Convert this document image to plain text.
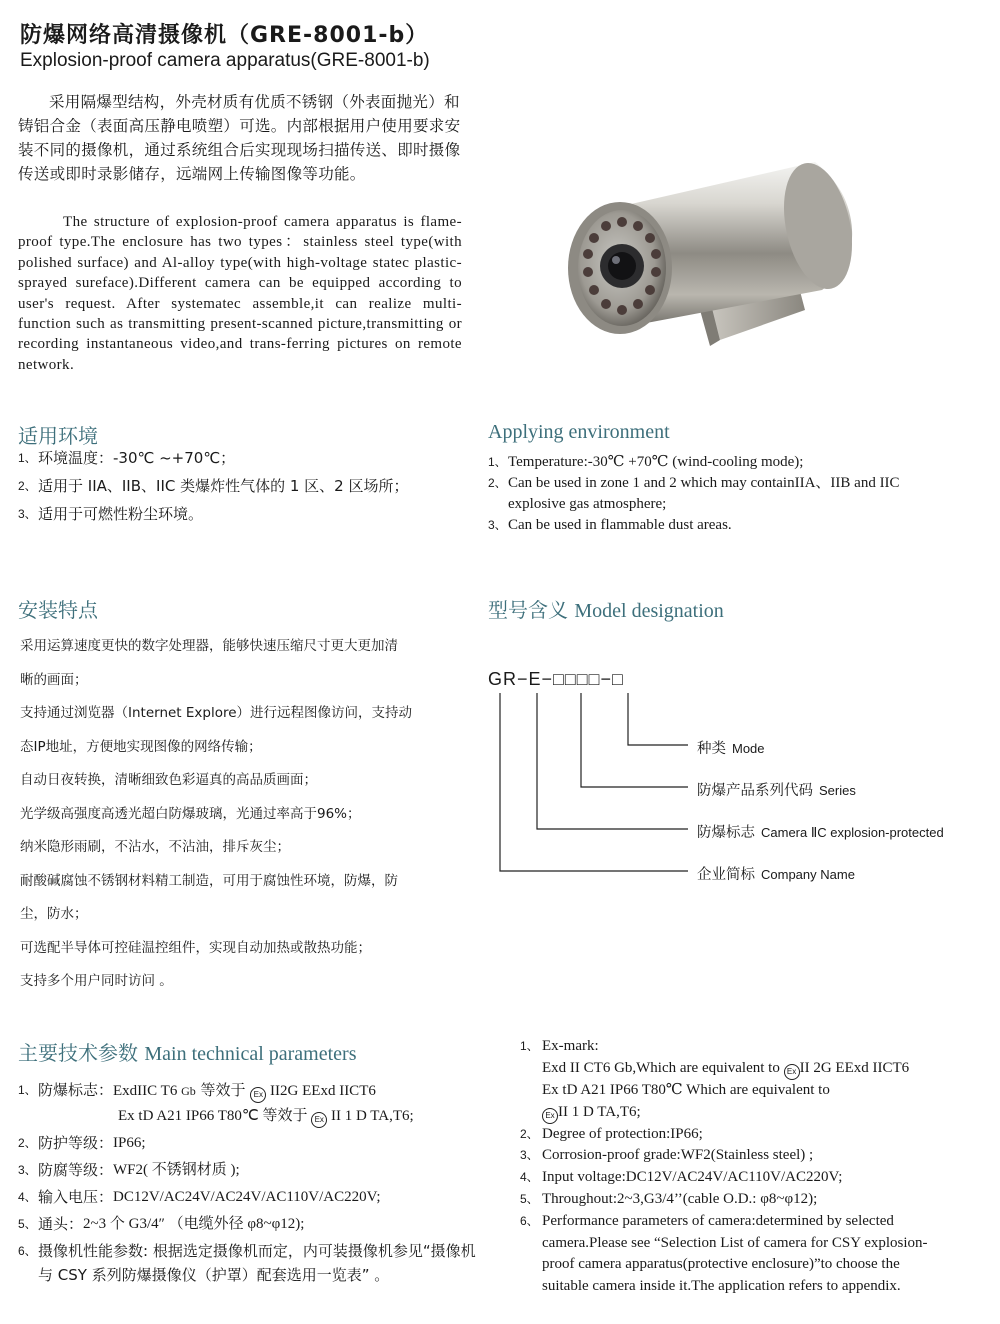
防爆网络高清摄像机（GRE-8001-b）
Explosion-proof camera apparatus(GRE-8001-b)

采用隔爆型结构，外壳材质有优质不锈钢（外表面抛光）和铸铝合金（表面高压静电喷塑）可选。内部根据用户使用要求安装不同的摄像机，通过系统组合后实现现场扫描传送、即时摄像传送或即时录影储存，远端网上传输图像等功能。

The structure of explosion-proof camera apparatus is flame-proof type.The enclosure has two types：stainless steel type(with polished surface) and Al-alloy type(with high-voltage statec plastic-sprayed sureface).Different camera can be equipped according to user's request. After systematec assemble,it can realize multi-function such as transmitting present-scanned picture,transmitting or recording instantaneous video,and trans-ferring pictures on remote network.

适用环境
1、 环境温度：-30℃ ~+70℃；
2、 适用于 IIA、IIB、IIC 类爆炸性气体的 1 区、2 区场所；
3、 适用于可燃性粉尘环境。
Applying environment
1、 Temperature:-30℃ +70℃ (wind-cooling mode);
2、 Can be used in zone 1 and 2 which may containIIA、IIB and IIC explosive gas atmosphere;
3、 Can be used in flammable dust areas.
安装特点
采用运算速度更快的数字处理器，能够快速压缩尺寸更大更加清
晰的画面；
支持通过浏览器（Internet Explore）进行远程图像访问，支持动
态IP地址，方便地实现图像的网络传输；
自动日夜转换，清晰细致色彩逼真的高品质画面；
光学级高强度高透光超白防爆玻璃，光通过率高于96%；
纳米隐形雨刷，不沾水，不沾油，排斥灰尘；
耐酸碱腐蚀不锈钢材料精工制造，可用于腐蚀性环境，防爆，防
尘，防水；
可选配半导体可控硅温控组件，实现自动加热或散热功能；
支持多个用户同时访问 。
型号含义 Model designation
GR−E−□□□□−□
种类 Mode
防爆产品系列代码 Series
防爆标志 Camera ⅡC explosion-protected
企业简标 Company Name
主要技术参数 Main technical parameters
1、 防爆标志：ExdIIC T6 Gb 等效于 Ex II2G EExd IICT6
Ex tD A21 IP66 T80℃ 等效于 Ex II 1 D TA,T6;
2、 防护等级： IP66;
3、 防腐等级： WF2( 不锈钢材质 );
4、 输入电压： DC12V/AC24V/AC24V/AC110V/AC220V;
5、 通头： 2~3 个 G3/4″ （电缆外径 φ8~φ12);
6、 摄像机性能参数: 根据选定摄像机而定，内可装摄像机参见“摄像机与 CSY 系列防爆摄像仪（护罩）配套选用一览表” 。
1、 Ex-mark:
Exd II CT6 Gb,Which are equivalent to Ex II 2G EExd IICT6
Ex tD A21 IP66 T80℃ Which are equivalent to
Ex II 1 D TA,T6;
2、 Degree of protection:IP66;
3、 Corrosion-proof grade:WF2(Stainless steel) ;
4、 Input voltage:DC12V/AC24V/AC110V/AC220V;
5、 Throughout:2~3,G3/4’’(cable O.D.: φ8~φ12);
6、 Performance parameters of camera:determined by selected camera.Please see “Selection List of camera for CSY explosion-proof camera apparatus(protective enclosure)”to choose the suitable camera inside it.The application refers to appendix.
